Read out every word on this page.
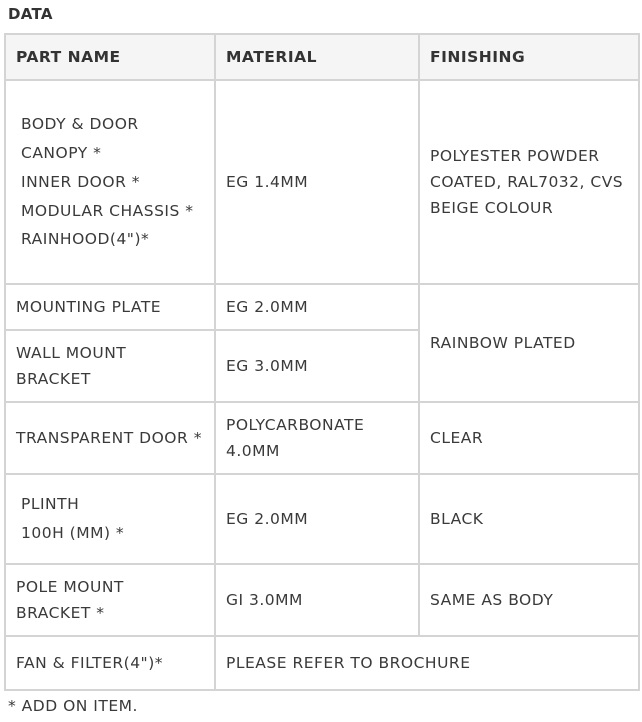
DATA
PART NAME	MATERIAL	FINISHING

BODY & DOOR
CANOPY *
INNER DOOR *
MODULAR CHASSIS *
RAINHOOD(4")*	EG 1.4MM	POLYESTER POWDER COATED, RAL7032, CVS BEIGE COLOUR
MOUNTING PLATE	EG 2.0MM	RAINBOW PLATED
WALL MOUNT BRACKET	EG 3.0MM	
TRANSPARENT DOOR *	POLYCARBONATE 4.0MM	CLEAR

PLINTH
100H (MM) *	EG 2.0MM	BLACK
POLE MOUNT BRACKET *	GI 3.0MM	SAME AS BODY
FAN & FILTER(4")*	PLEASE REFER TO BROCHURE	
* ADD ON ITEM.
